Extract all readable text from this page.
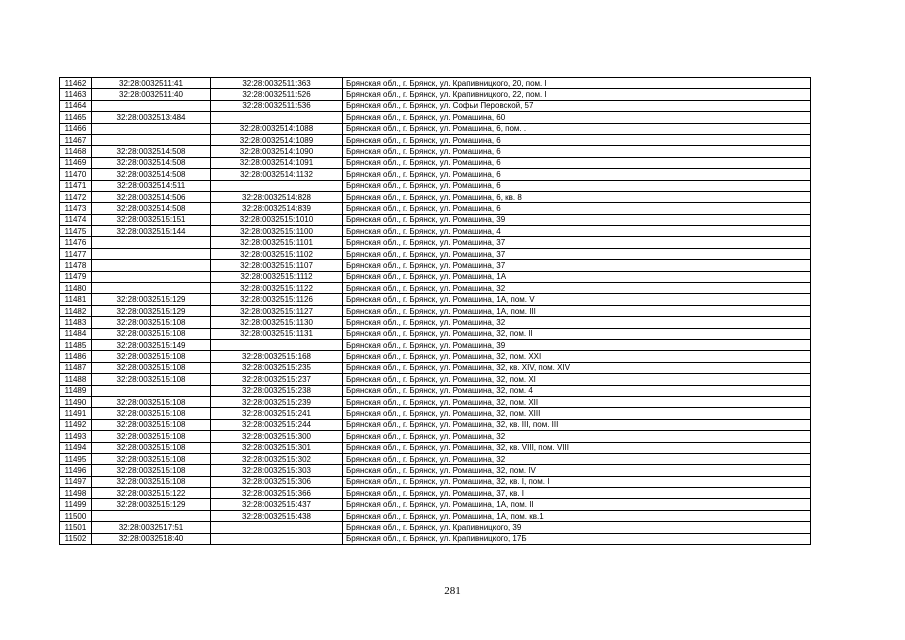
11462	32:28:0032511:41	32:28:0032511:363	Брянская обл., г. Брянск, ул. Крапивницкого, 20, пом. I
11463	32:28:0032511:40	32:28:0032511:526	Брянская обл., г. Брянск, ул. Крапивницкого, 22, пом. I
11464		32:28:0032511:536	Брянская обл., г. Брянск, ул. Софьи Перовской, 57
11465	32:28:0032513:484		Брянская обл., г. Брянск, ул. Ромашина, 60
11466		32:28:0032514:1088	Брянская обл., г. Брянск, ул. Ромашина, 6, пом. .
11467		32:28:0032514:1089	Брянская обл., г. Брянск, ул. Ромашина, 6
11468	32:28:0032514:508	32:28:0032514:1090	Брянская обл., г. Брянск, ул. Ромашина, 6
11469	32:28:0032514:508	32:28:0032514:1091	Брянская обл., г. Брянск, ул. Ромашина, 6
11470	32:28:0032514:508	32:28:0032514:1132	Брянская обл., г. Брянск, ул. Ромашина, 6
11471	32:28:0032514:511		Брянская обл., г. Брянск, ул. Ромашина, 6
11472	32:28:0032514:506	32:28:0032514:828	Брянская обл., г. Брянск, ул. Ромашина, 6, кв. 8
11473	32:28:0032514:508	32:28:0032514:839	Брянская обл., г. Брянск, ул. Ромашина, 6
11474	32:28:0032515:151	32:28:0032515:1010	Брянская обл., г. Брянск, ул. Ромашина, 39
11475	32:28:0032515:144	32:28:0032515:1100	Брянская обл., г. Брянск, ул. Ромашина, 4
11476		32:28:0032515:1101	Брянская обл., г. Брянск, ул. Ромашина, 37
11477		32:28:0032515:1102	Брянская обл., г. Брянск, ул. Ромашина, 37
11478		32:28:0032515:1107	Брянская обл., г. Брянск, ул. Ромашина, 37
11479		32:28:0032515:1112	Брянская обл., г. Брянск, ул. Ромашина, 1А
11480		32:28:0032515:1122	Брянская обл., г. Брянск, ул. Ромашина, 32
11481	32:28:0032515:129	32:28:0032515:1126	Брянская обл., г. Брянск, ул. Ромашина, 1А, пом. V
11482	32:28:0032515:129	32:28:0032515:1127	Брянская обл., г. Брянск, ул. Ромашина, 1А, пом. III
11483	32:28:0032515:108	32:28:0032515:1130	Брянская обл., г. Брянск, ул. Ромашина, 32
11484	32:28:0032515:108	32:28:0032515:1131	Брянская обл., г. Брянск, ул. Ромашина, 32, пом. II
11485	32:28:0032515:149		Брянская обл., г. Брянск, ул. Ромашина, 39
11486	32:28:0032515:108	32:28:0032515:168	Брянская обл., г. Брянск, ул. Ромашина, 32, пом. XXI
11487	32:28:0032515:108	32:28:0032515:235	Брянская обл., г. Брянск, ул. Ромашина, 32, кв. XIV, пом. XIV
11488	32:28:0032515:108	32:28:0032515:237	Брянская обл., г. Брянск, ул. Ромашина, 32, пом. XI
11489		32:28:0032515:238	Брянская обл., г. Брянск, ул. Ромашина, 32, пом. 4
11490	32:28:0032515:108	32:28:0032515:239	Брянская обл., г. Брянск, ул. Ромашина, 32, пом. XII
11491	32:28:0032515:108	32:28:0032515:241	Брянская обл., г. Брянск, ул. Ромашина, 32, пом. XIII
11492	32:28:0032515:108	32:28:0032515:244	Брянская обл., г. Брянск, ул. Ромашина, 32, кв. III, пом. III
11493	32:28:0032515:108	32:28:0032515:300	Брянская обл., г. Брянск, ул. Ромашина, 32
11494	32:28:0032515:108	32:28:0032515:301	Брянская обл., г. Брянск, ул. Ромашина, 32, кв. VIII, пом. VIII
11495	32:28:0032515:108	32:28:0032515:302	Брянская обл., г. Брянск, ул. Ромашина, 32
11496	32:28:0032515:108	32:28:0032515:303	Брянская обл., г. Брянск, ул. Ромашина, 32, пом. IV
11497	32:28:0032515:108	32:28:0032515:306	Брянская обл., г. Брянск, ул. Ромашина, 32, кв. I, пом. I
11498	32:28:0032515:122	32:28:0032515:366	Брянская обл., г. Брянск, ул. Ромашина, 37, кв. I
11499	32:28:0032515:129	32:28:0032515:437	Брянская обл., г. Брянск, ул. Ромашина, 1А, пом. II
11500		32:28:0032515:438	Брянская обл., г. Брянск, ул. Ромашина, 1А, пом. кв.1
11501	32:28:0032517:51		Брянская обл., г. Брянск, ул. Крапивницкого, 39
11502	32:28:0032518:40		Брянская обл., г. Брянск, ул. Крапивницкого, 17Б
281
